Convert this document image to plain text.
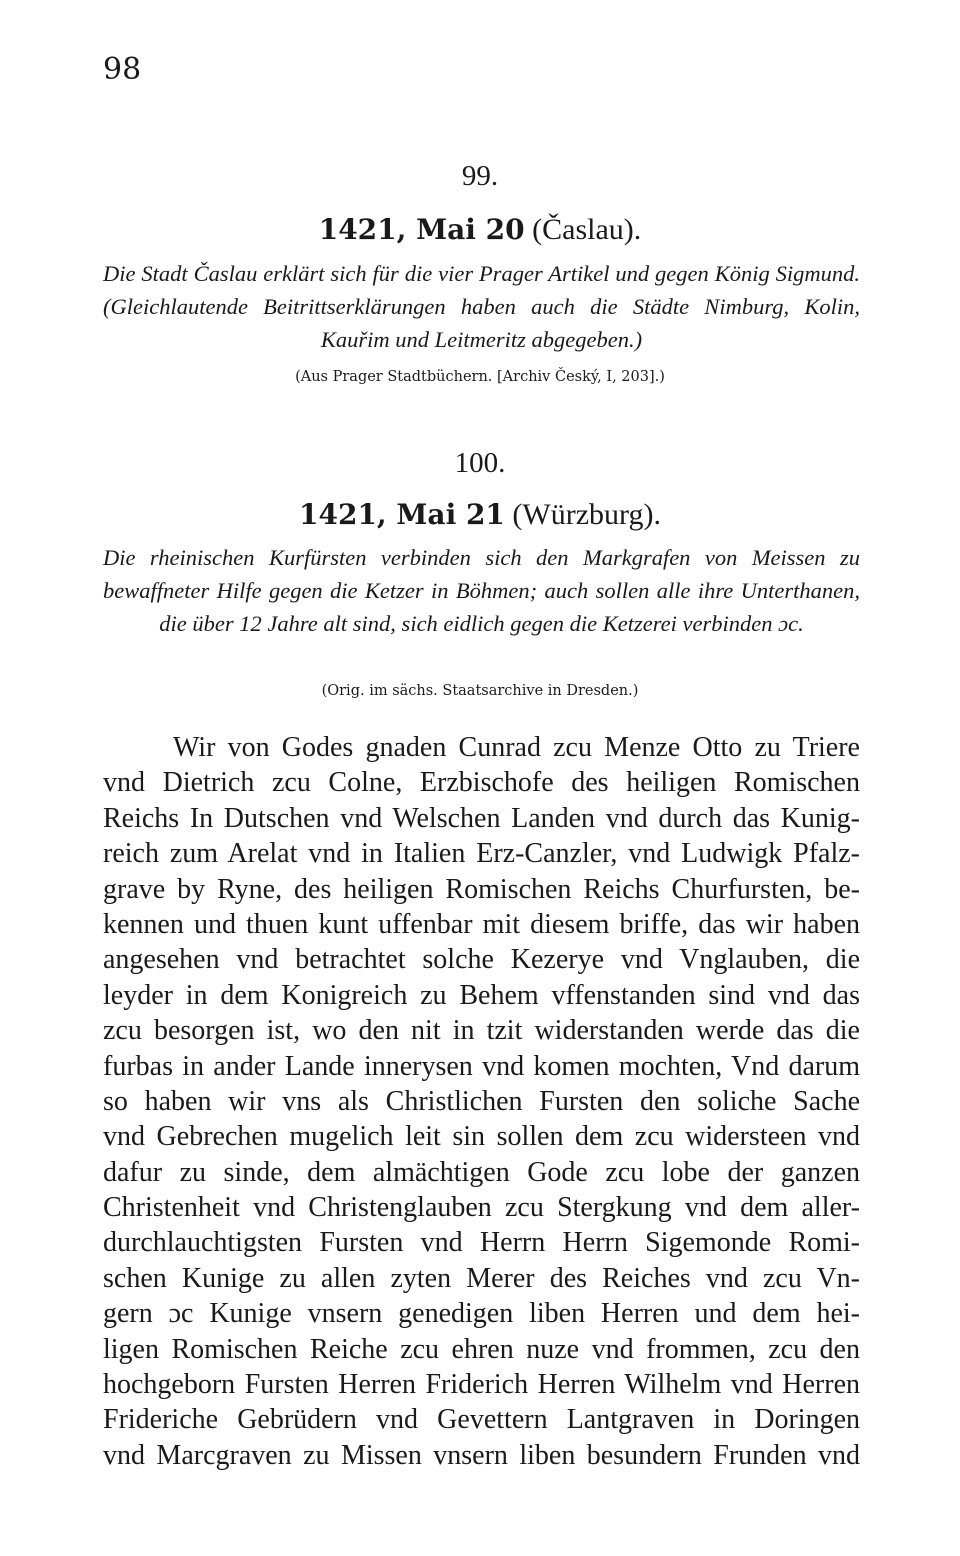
98
99.
1421, Mai 20 (Časlau).
Die Stadt Časlau erklärt sich für die vier Prager Artikel und gegen König Sigmund. (Gleichlautende Beitrittserklärungen haben auch die Städte Nimburg, Kolin, Kauřim und Leitmeritz abgegeben.)
(Aus Prager Stadtbüchern. [Archiv Český, I, 203].)
100.
1421, Mai 21 (Würzburg).
Die rheinischen Kurfürsten verbinden sich den Markgrafen von Meissen zu bewaffneter Hilfe gegen die Ketzer in Böhmen; auch sollen alle ihre Unterthanen, die über 12 Jahre alt sind, sich eidlich gegen die Ketzerei verbinden ɔc.
(Orig. im sächs. Staatsarchive in Dresden.)
Wir von Godes gnaden Cunrad zcu Menze Otto zu Triere
vnd Dietrich zcu Colne, Erzbischofe des heiligen Romischen
Reichs In Dutschen vnd Welschen Landen vnd durch das Kunig-
reich zum Arelat vnd in Italien Erz-Canzler, vnd Ludwigk Pfalz-
grave by Ryne, des heiligen Romischen Reichs Churfursten, be-
kennen und thuen kunt uffenbar mit diesem briffe, das wir haben
angesehen vnd betrachtet solche Kezerye vnd Vnglauben, die
leyder in dem Konigreich zu Behem vffenstanden sind vnd das
zcu besorgen ist, wo den nit in tzit widerstanden werde das die
furbas in ander Lande innerysen vnd komen mochten, Vnd darum
so haben wir vns als Christlichen Fursten den soliche Sache
vnd Gebrechen mugelich leit sin sollen dem zcu widersteen vnd
dafur zu sinde, dem almächtigen Gode zcu lobe der ganzen
Christenheit vnd Christenglauben zcu Stergkung vnd dem aller-
durchlauchtigsten Fursten vnd Herrn Herrn Sigemonde Romi-
schen Kunige zu allen zyten Merer des Reiches vnd zcu Vn-
gern ɔc Kunige vnsern genedigen liben Herren und dem hei-
ligen Romischen Reiche zcu ehren nuze vnd frommen, zcu den
hochgeborn Fursten Herren Friderich Herren Wilhelm vnd Herren
Frideriche Gebrüdern vnd Gevettern Lantgraven in Doringen
vnd Marcgraven zu Missen vnsern liben besundern Frunden vnd
